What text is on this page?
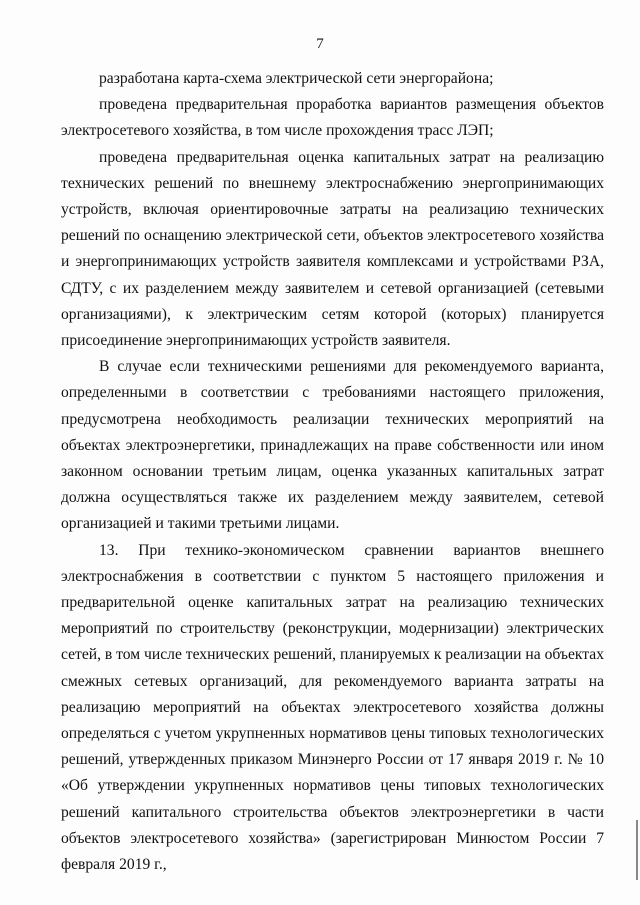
7

разработана карта-схема электрической сети энергорайона;

проведена предварительная проработка вариантов размещения объектов электросетевого хозяйства, в том числе прохождения трасс ЛЭП;

проведена предварительная оценка капитальных затрат на реализацию технических решений по внешнему электроснабжению энергопринимающих устройств, включая ориентировочные затраты на реализацию технических решений по оснащению электрической сети, объектов электросетевого хозяйства и энергопринимающих устройств заявителя комплексами и устройствами РЗА, СДТУ, с их разделением между заявителем и сетевой организацией (сетевыми организациями), к электрическим сетям которой (которых) планируется присоединение энергопринимающих устройств заявителя.

В случае если техническими решениями для рекомендуемого варианта, определенными в соответствии с требованиями настоящего приложения, предусмотрена необходимость реализации технических мероприятий на объектах электроэнергетики, принадлежащих на праве собственности или ином законном основании третьим лицам, оценка указанных капитальных затрат должна осуществляться также их разделением между заявителем, сетевой организацией и такими третьими лицами.

13. При технико-экономическом сравнении вариантов внешнего электроснабжения в соответствии с пунктом 5 настоящего приложения и предварительной оценке капитальных затрат на реализацию технических мероприятий по строительству (реконструкции, модернизации) электрических сетей, в том числе технических решений, планируемых к реализации на объектах смежных сетевых организаций, для рекомендуемого варианта затраты на реализацию мероприятий на объектах электросетевого хозяйства должны определяться с учетом укрупненных нормативов цены типовых технологических решений, утвержденных приказом Минэнерго России от 17 января 2019 г. № 10 «Об утверждении укрупненных нормативов цены типовых технологических решений капитального строительства объектов электроэнергетики в части объектов электросетевого хозяйства» (зарегистрирован Минюстом России 7 февраля 2019 г.,
